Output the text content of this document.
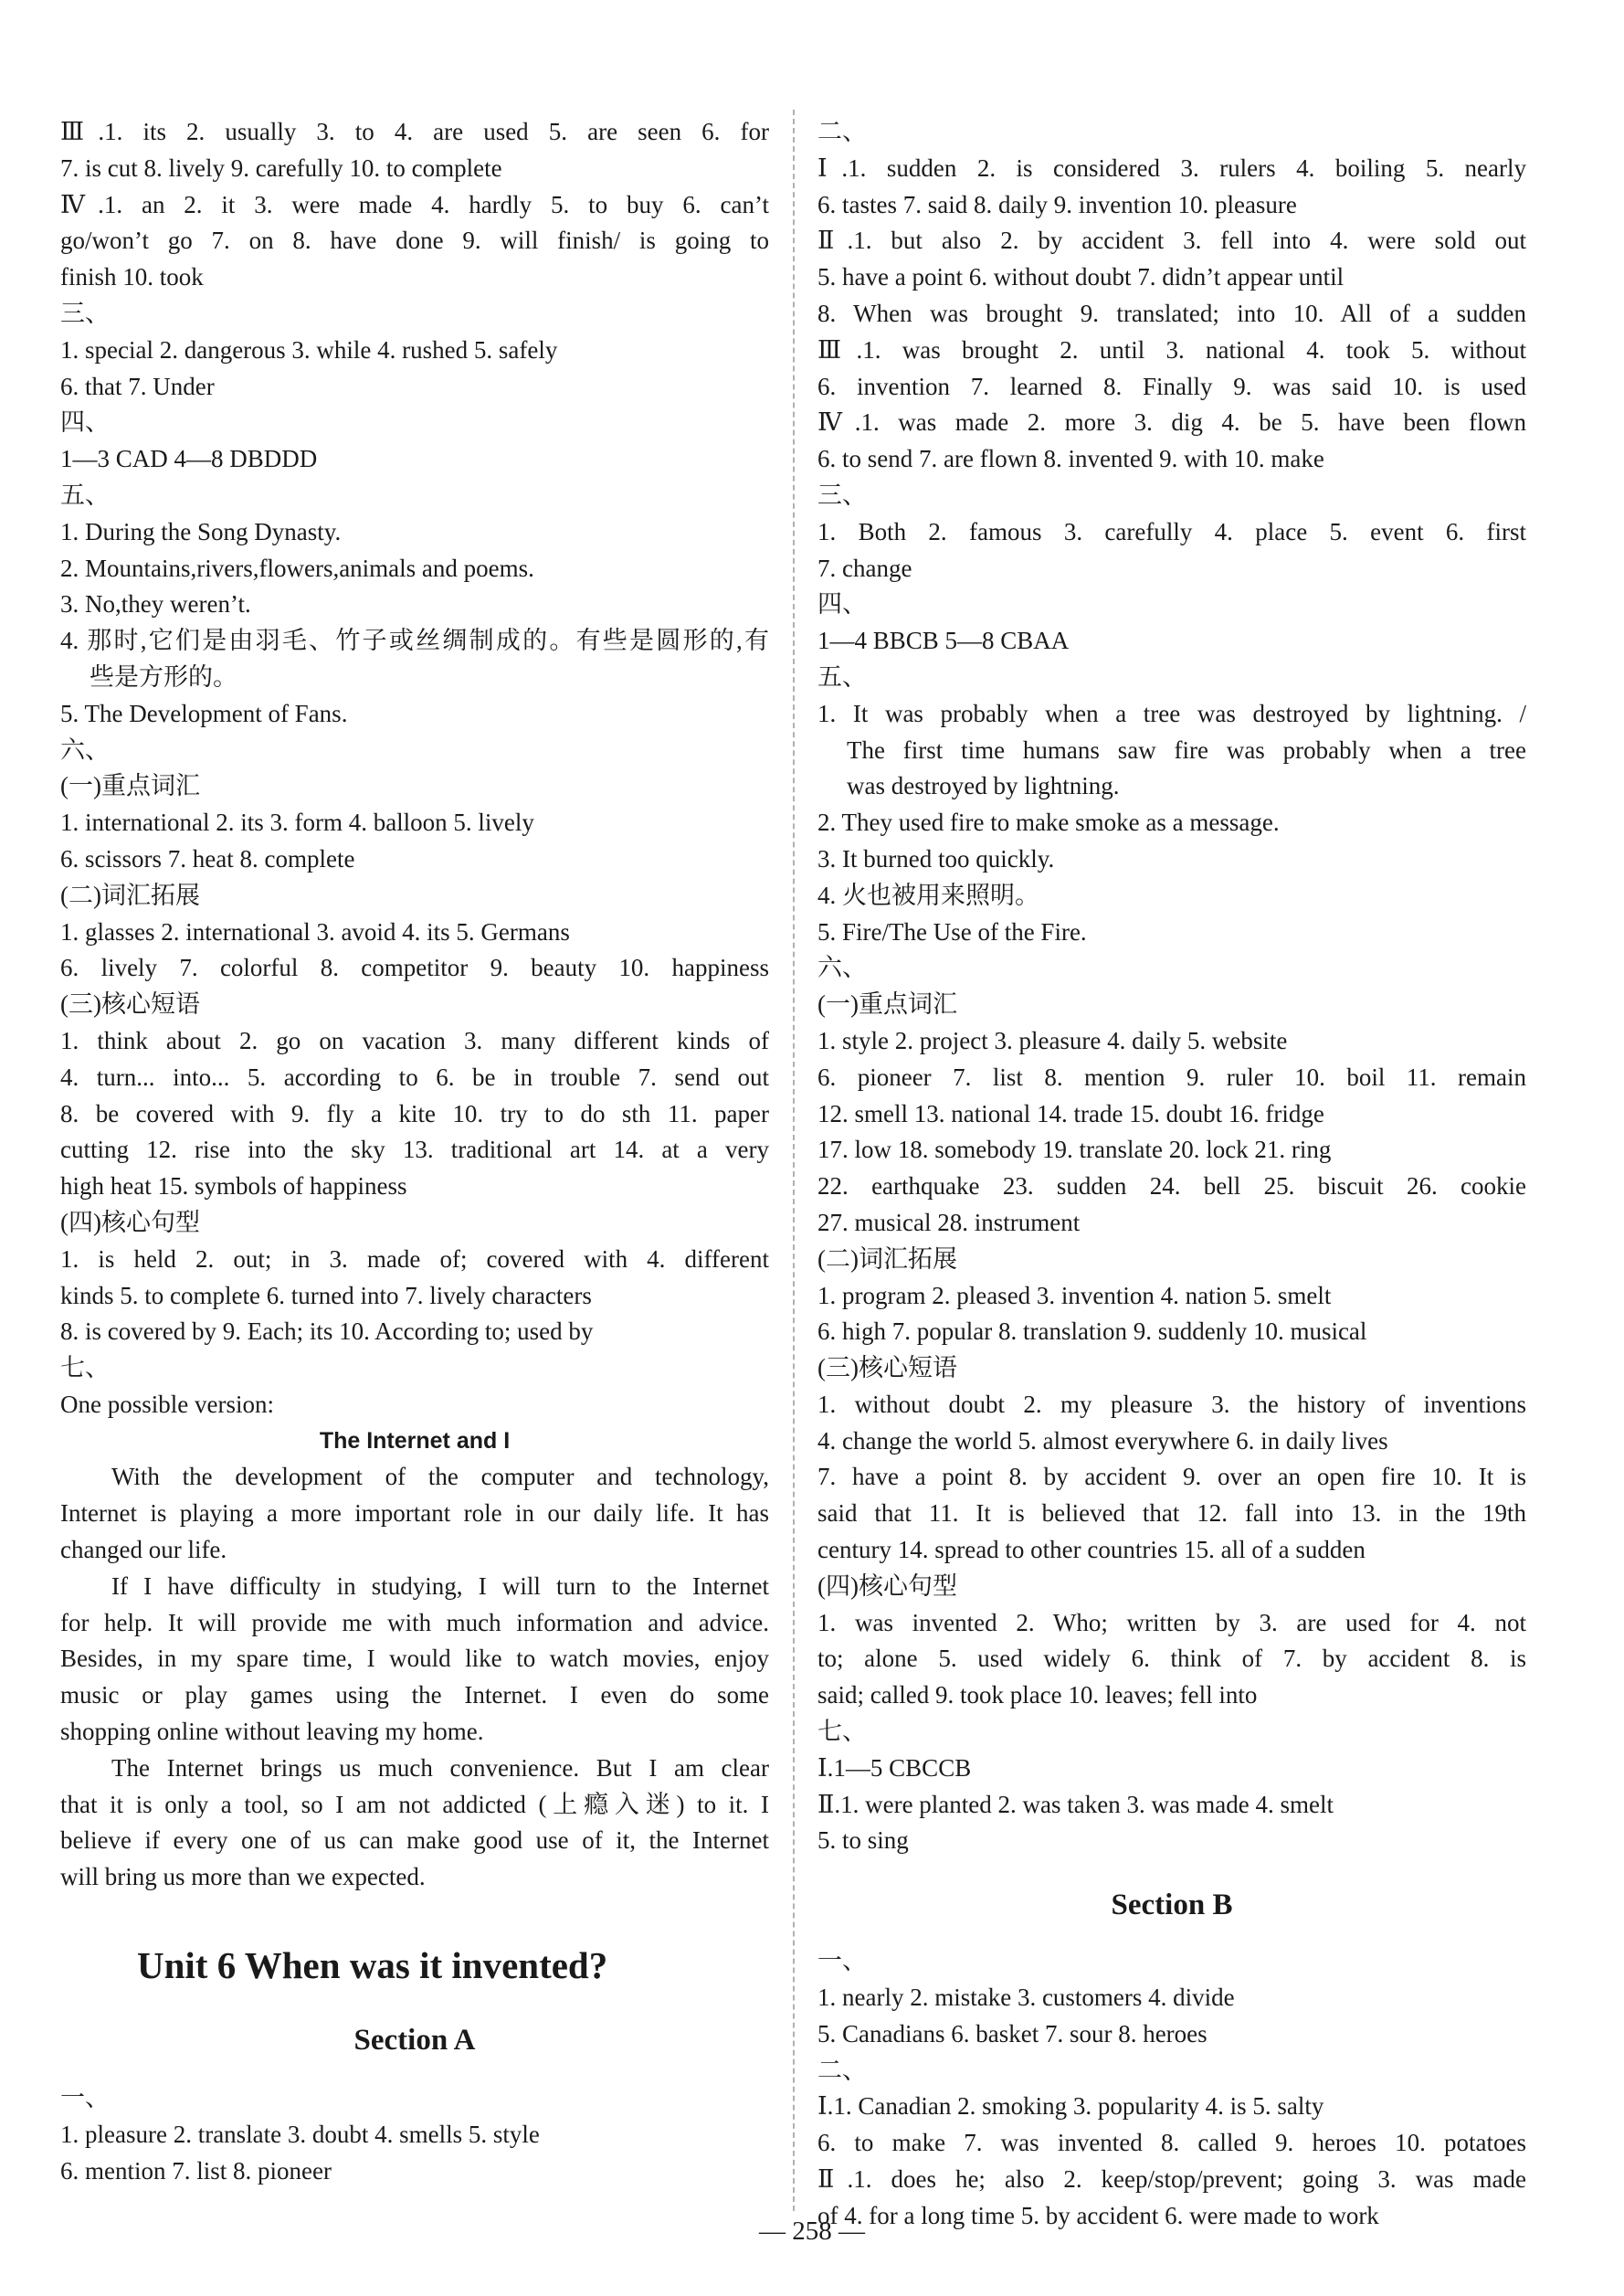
Ⅲ.1. its 2. usually 3. to 4. are used 5. are seen 6. for
7. is cut 8. lively 9. carefully 10. to complete
Ⅳ.1. an 2. it 3. were made 4. hardly 5. to buy 6. can’t
go/won’t go 7. on 8. have done 9. will finish/ is going to
finish 10. took
三、
1. special 2. dangerous 3. while 4. rushed 5. safely
6. that 7. Under
四、
1—3 CAD 4—8 DBDDD
五、
1. During the Song Dynasty.
2. Mountains,rivers,flowers,animals and poems.
3. No,they weren’t.
4. 那时,它们是由羽毛、竹子或丝绸制成的。有些是圆形的,有
些是方形的。
5. The Development of Fans.
六、
(一)重点词汇
1. international 2. its 3. form 4. balloon 5. lively
6. scissors 7. heat 8. complete
(二)词汇拓展
1. glasses 2. international 3. avoid 4. its 5. Germans
6. lively 7. colorful 8. competitor 9. beauty 10. happiness
(三)核心短语
1. think about 2. go on vacation 3. many different kinds of
4. turn... into... 5. according to 6. be in trouble 7. send out
8. be covered with 9. fly a kite 10. try to do sth 11. paper
cutting 12. rise into the sky 13. traditional art 14. at a very
high heat 15. symbols of happiness
(四)核心句型
1. is held 2. out; in 3. made of; covered with 4. different
kinds 5. to complete 6. turned into 7. lively characters
8. is covered by 9. Each; its 10. According to; used by
七、
One possible version:
The Internet and I
With the development of the computer and technology,
Internet is playing a more important role in our daily life. It has
changed our life.
If I have difficulty in studying, I will turn to the Internet
for help. It will provide me with much information and advice.
Besides, in my spare time, I would like to watch movies, enjoy
music or play games using the Internet. I even do some
shopping online without leaving my home.
The Internet brings us much convenience. But I am clear
that it is only a tool, so I am not addicted (上瘾入迷) to it. I
believe if every one of us can make good use of it, the Internet
will bring us more than we expected.
Unit 6 When was it invented?
Section A
一、
1. pleasure 2. translate 3. doubt 4. smells 5. style
6. mention 7. list 8. pioneer
二、
Ⅰ.1. sudden 2. is considered 3. rulers 4. boiling 5. nearly
6. tastes 7. said 8. daily 9. invention 10. pleasure
Ⅱ.1. but also 2. by accident 3. fell into 4. were sold out
5. have a point 6. without doubt 7. didn’t appear until
8. When was brought 9. translated; into 10. All of a sudden
Ⅲ.1. was brought 2. until 3. national 4. took 5. without
6. invention 7. learned 8. Finally 9. was said 10. is used
Ⅳ.1. was made 2. more 3. dig 4. be 5. have been flown
6. to send 7. are flown 8. invented 9. with 10. make
三、
1. Both 2. famous 3. carefully 4. place 5. event 6. first
7. change
四、
1—4 BBCB 5—8 CBAA
五、
1. It was probably when a tree was destroyed by lightning. /
The first time humans saw fire was probably when a tree
was destroyed by lightning.
2. They used fire to make smoke as a message.
3. It burned too quickly.
4. 火也被用来照明。
5. Fire/The Use of the Fire.
六、
(一)重点词汇
1. style 2. project 3. pleasure 4. daily 5. website
6. pioneer 7. list 8. mention 9. ruler 10. boil 11. remain
12. smell 13. national 14. trade 15. doubt 16. fridge
17. low 18. somebody 19. translate 20. lock 21. ring
22. earthquake 23. sudden 24. bell 25. biscuit 26. cookie
27. musical 28. instrument
(二)词汇拓展
1. program 2. pleased 3. invention 4. nation 5. smelt
6. high 7. popular 8. translation 9. suddenly 10. musical
(三)核心短语
1. without doubt 2. my pleasure 3. the history of inventions
4. change the world 5. almost everywhere 6. in daily lives
7. have a point 8. by accident 9. over an open fire 10. It is
said that 11. It is believed that 12. fall into 13. in the 19th
century 14. spread to other countries 15. all of a sudden
(四)核心句型
1. was invented 2. Who; written by 3. are used for 4. not
to; alone 5. used widely 6. think of 7. by accident 8. is
said; called 9. took place 10. leaves; fell into
七、
Ⅰ.1—5 CBCCB
Ⅱ.1. were planted 2. was taken 3. was made 4. smelt
5. to sing
Section B
一、
1. nearly 2. mistake 3. customers 4. divide
5. Canadians 6. basket 7. sour 8. heroes
二、
Ⅰ.1. Canadian 2. smoking 3. popularity 4. is 5. salty
6. to make 7. was invented 8. called 9. heroes 10. potatoes
Ⅱ.1. does he; also 2. keep/stop/prevent; going 3. was made
of 4. for a long time 5. by accident 6. were made to work
— 258 —
